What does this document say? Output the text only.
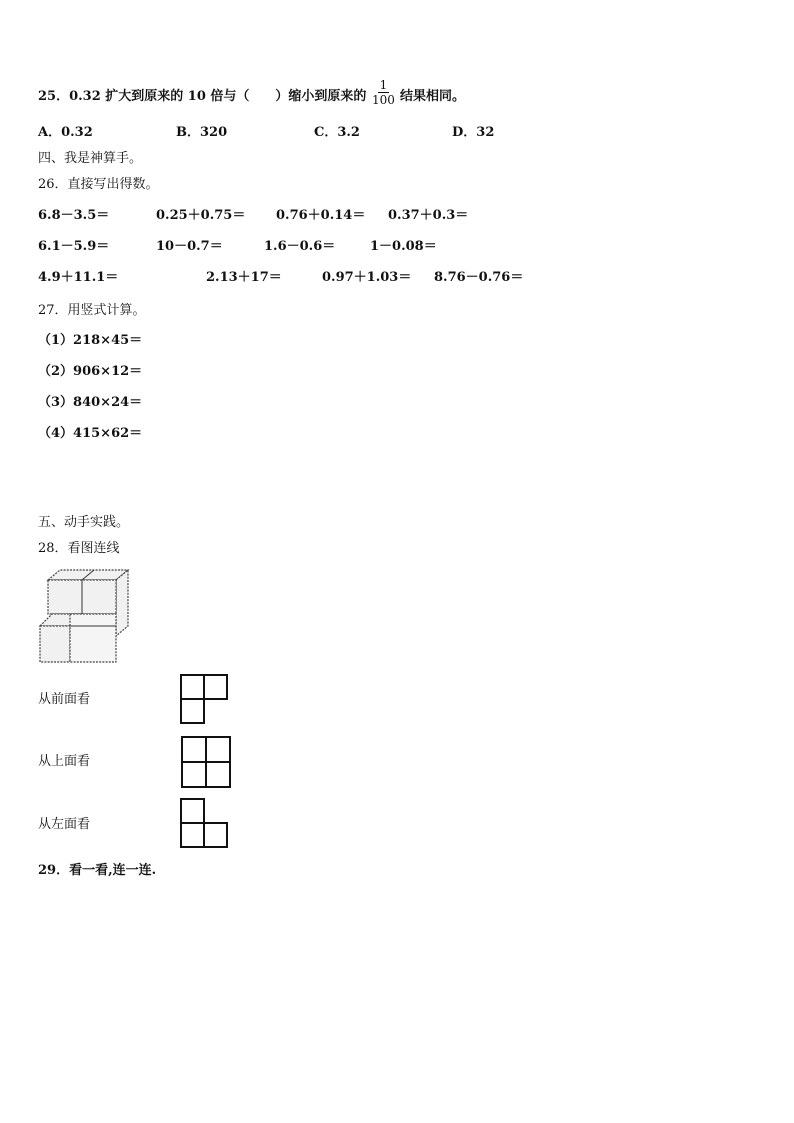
25．0.32 扩大到原来的 10 倍与（　　）缩小到原来的 $\frac{1}{100}$ 结果相同。
A．0.32	B．320	C．3.2	D．32
四、我是神算手。
26．直接写出得数。
6.8－3.5＝	0.25＋0.75＝ 0.76＋0.14＝ 0.37＋0.3＝
6.1－5.9＝	10－0.7＝	1.6－0.6＝	1－0.08＝
4.9＋11.1＝	2.13＋17＝	0.97＋1.03＝ 8.76－0.76＝
27．用竖式计算。
（1）218×45＝
（2）906×12＝
（3）840×24＝
（4）415×62＝
五、动手实践。
28．看图连线
从前面看
从上面看
从左面看
29．看一看,连一连.
